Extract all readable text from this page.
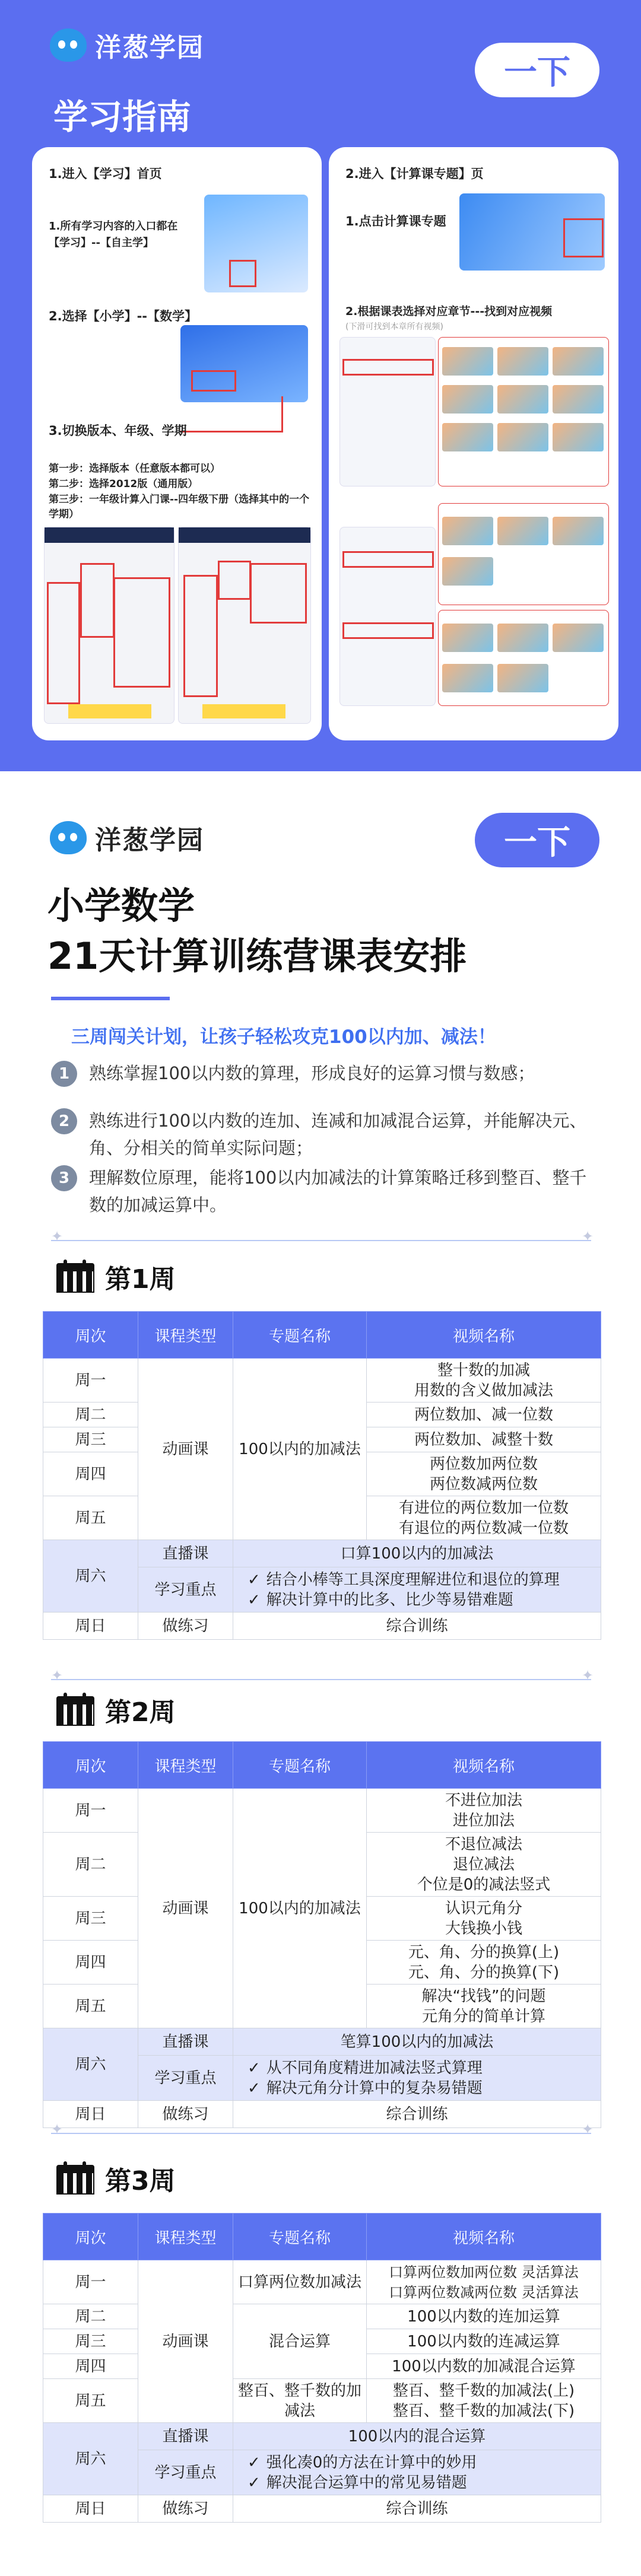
洋葱学园
一下
学习指南
1.进入【学习】首页
1.所有学习内容的入口都在【学习】--【自主学】
2.选择【小学】--【数学】
3.切换版本、年级、学期
第一步：选择版本（任意版本都可以）
第二步：选择2012版（通用版）
第三步：一年级计算入门课--四年级下册（选择其中的一个学期）
2.进入【计算课专题】页
1.点击计算课专题
2.根据课表选择对应章节---找到对应视频
(下滑可找到本章所有视频)
洋葱学园	一下
小学数学
21天计算训练营课表安排
三周闯关计划，让孩子轻松攻克100以内加、减法！
1	熟练掌握100以内数的算理，形成良好的运算习惯与数感；
2	熟练进行100以内数的连加、连减和加减混合运算，并能解决元、角、分相关的简单实际问题；
3	理解数位原理，能将100以内加减法的计算策略迁移到整百、整千数的加减运算中。
✦	✦
第1周
周次	课程类型	专题名称	视频名称
周一	动画课	100以内的加减法	整十数的加减
用数的含义做加减法

周二			两位数加、减一位数
周三			两位数加、减整十数
周四			两位数加两位数
两位数减两位数

周五			有进位的两位数加一位数
有退位的两位数减一位数

周六	直播课	口算100以内的加减法	
	学习重点	✓ 结合小棒等工具深度理解进位和退位的算理
✓ 解决计算中的比多、比少等易错难题

周日	做练习	综合训练	
✦	✦
第2周
周次	课程类型	专题名称	视频名称
周一	动画课	100以内的加减法	不进位加法
进位加法

周二			不退位减法
退位减法
个位是0的减法竖式

周三			认识元角分
大钱换小钱

周四			元、角、分的换算(上)
元、角、分的换算(下)

周五			解决“找钱”的问题
元角分的简单计算

周六	直播课	笔算100以内的加减法	
	学习重点	✓ 从不同角度精进加减法竖式算理
✓ 解决元角分计算中的复杂易错题

周日	做练习	综合训练	
✦	✦
第3周
周次	课程类型	专题名称	视频名称
周一	动画课	口算两位数加减法	口算两位数加两位数 灵活算法
口算两位数减两位数 灵活算法

周二		混合运算	100以内数的连加运算
周三			100以内数的连减运算
周四			100以内数的加减混合运算
周五		整百、整千数的加减法	整百、整千数的加减法(上)
整百、整千数的加减法(下)

周六	直播课	100以内的混合运算	
	学习重点	✓ 强化凑0的方法在计算中的妙用
✓ 解决混合运算中的常见易错题

周日	做练习	综合训练	
